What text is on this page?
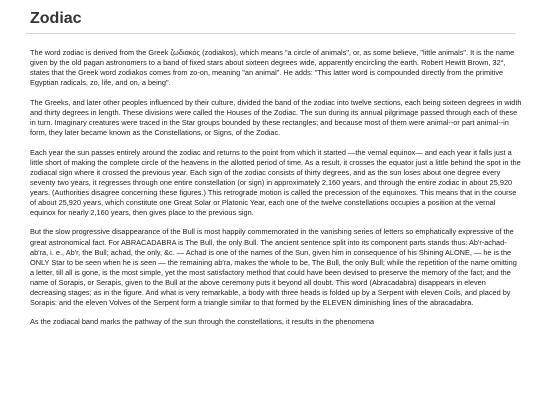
Zodiac

The word zodiac is derived from the Greek ζωδιακός (zodiakos), which means "a circle of animals", or, as some believe, "little animals". It is the name given by the old pagan astronomers to a band of fixed stars about sixteen degrees wide, apparently encircling the earth. Robert Hewitt Brown, 32°, states that the Greek word zodiakos comes from zo-on, meaning "an animal". He adds: "This latter word is compounded directly from the primitive Egyptian radicals, zo, life, and on, a being".

The Greeks, and later other peoples influenced by their culture, divided the band of the zodiac into twelve sections, each being sixteen degrees in width and thirty degrees in length. These divisions were called the Houses of the Zodiac. The sun during its annual pilgrimage passed through each of these in turn. Imaginary creatures were traced in the Star groups bounded by these rectangles; and because most of them were animal--or part animal--in form, they later became known as the Constellations, or Signs, of the Zodiac.

Each year the sun passes entirely around the zodiac and returns to the point from which it started —the vernal equinox— and each year it falls just a little short of making the complete circle of the heavens in the allotted period of time. As a result, it crosses the equator just a little behind the spot in the zodiacal sign where it crossed the previous year. Each sign of the zodiac consists of thirty degrees, and as the sun loses about one degree every seventy two years, it regresses through one entire constellation (or sign) in approximately 2,160 years, and through the entire zodiac in about 25,920 years. (Authorities disagree concerning these figures.) This retrograde motion is called the precession of the equinoxes. This means that in the course of about 25,920 years, which constitute one Great Solar or Platonic Year, each one of the twelve constellations occupies a position at the vernal equinox for nearly 2,160 years, then gives place to the previous sign.

But the slow progressive disappearance of the Bull is most happily commemorated in the vanishing series of letters so emphatically expressive of the great astronomical fact. For ABRACADABRA is The Bull, the only Bull. The ancient sentence split into its component parts stands thus: Ab'r-achad-ab'ra, i. e., Ab'r, the Bull; achad, the only, &c. — Achad is one of the names of the Sun, given him in consequence of his Shining ALONE, — he is the ONLY Star to be seen when he is seen — the remaining ab'ra, makes the whole to be, The Bull, the only Bull; while the repetition of the name omitting a letter, till all is gone, is the most simple, yet the most satisfactory method that could have been devised to preserve the memory of the fact; and the name of Sorapis, or Serapis, given to the Bull at the above ceremony puts it beyond all doubt. This word (Abracadabra) disappears in eleven decreasing stages; as in the figure. And what is very remarkable, a body with three heads is folded up by a Serpent with eleven Coils, and placed by Sorapis: and the eleven Volves of the Serpent form a triangle similar to that formed by the ELEVEN diminishing lines of the abracadabra.

As the zodiacal band marks the pathway of the sun through the constellations, it results in the phenomena
